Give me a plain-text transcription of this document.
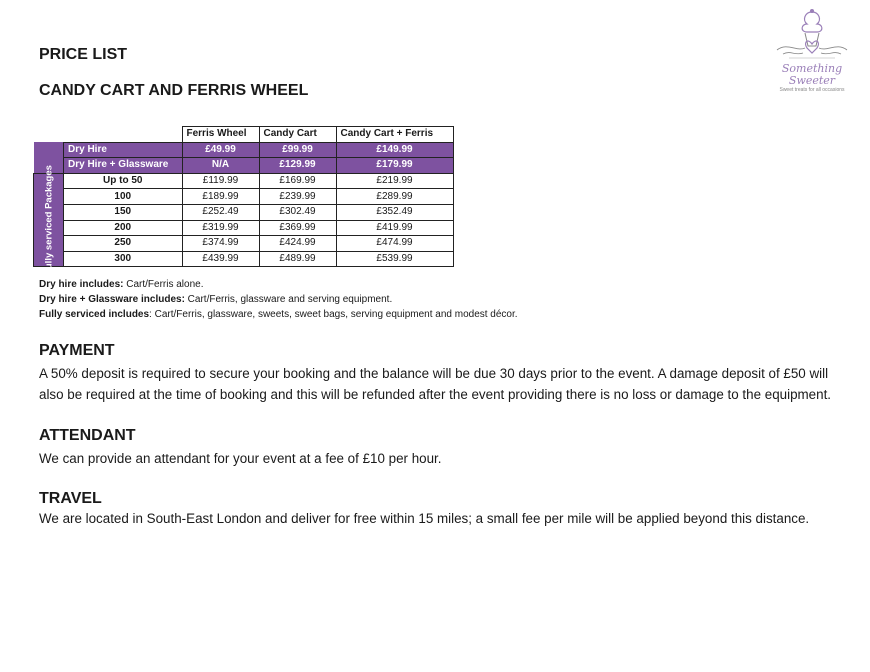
PRICE LIST
CANDY CART AND FERRIS WHEEL
Something Sweeter
Sweet treats for all occasions
		Ferris Wheel	Candy Cart	Candy Cart + Ferris
	Dry Hire	£49.99	£99.99	£149.99
	Dry Hire + Glassware	N/A	£129.99	£179.99

Fully serviced Packages	Up to 50	£119.99	£169.99	£219.99
	100	£189.99	£239.99	£289.99
	150	£252.49	£302.49	£352.49
	200	£319.99	£369.99	£419.99
	250	£374.99	£424.99	£474.99
	300	£439.99	£489.99	£539.99
Dry hire includes: Cart/Ferris alone.
Dry hire + Glassware includes: Cart/Ferris, glassware and serving equipment.
Fully serviced includes: Cart/Ferris, glassware, sweets, sweet bags, serving equipment and modest décor.
PAYMENT

A 50% deposit is required to secure your booking and the balance will be due 30 days prior to the event. A damage deposit of £50 will also be required at the time of booking and this will be refunded after the event providing there is no loss or damage to the equipment.

ATTENDANT

We can provide an attendant for your event at a fee of £10 per hour.

TRAVEL

We are located in South-East London and deliver for free within 15 miles; a small fee per mile will be applied beyond this distance.
